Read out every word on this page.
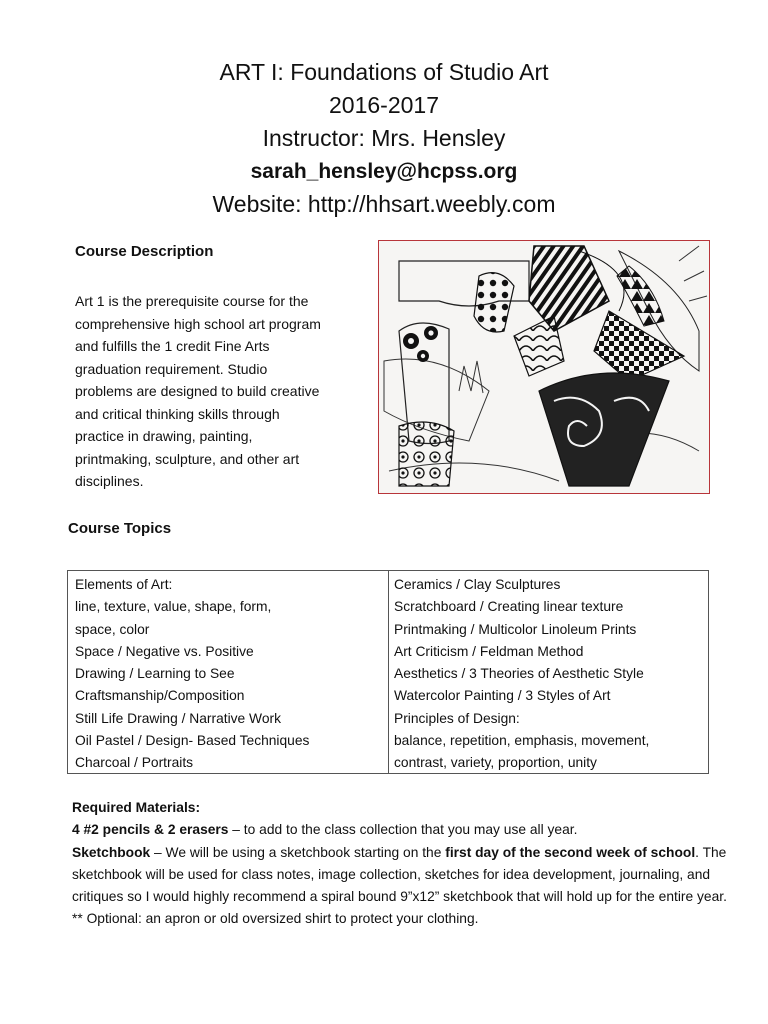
ART I: Foundations of Studio Art
2016-2017
Instructor: Mrs. Hensley
sarah_hensley@hcpss.org
Website: http://hhsart.weebly.com
Course Description
Art 1 is the prerequisite course for the
comprehensive high school art program
and fulfills the 1 credit Fine Arts
graduation requirement. Studio
problems are designed to build creative
and critical thinking skills through
practice in drawing, painting,
printmaking, sculpture, and other art
disciplines.
Course Topics
Elements of Art:
line, texture, value, shape, form,
space, color
Space / Negative vs. Positive
Drawing / Learning to See
Craftsmanship/Composition
Still Life Drawing / Narrative Work
Oil Pastel / Design- Based Techniques
Charcoal / Portraits
Ceramics / Clay Sculptures
Scratchboard / Creating linear texture
Printmaking / Multicolor Linoleum Prints
Art Criticism / Feldman Method
Aesthetics / 3 Theories of Aesthetic Style
Watercolor Painting / 3 Styles of Art
Principles of Design:
balance, repetition, emphasis, movement,
contrast, variety, proportion, unity
Required Materials:
4 #2 pencils & 2 erasers – to add to the class collection that you may use all year.
Sketchbook – We will be using a sketchbook starting on the first day of the second week of school. The sketchbook will be used for class notes, image collection, sketches for idea development, journaling, and critiques so I would highly recommend a spiral bound 9”x12” sketchbook that will hold up for the entire year.
** Optional: an apron or old oversized shirt to protect your clothing.
